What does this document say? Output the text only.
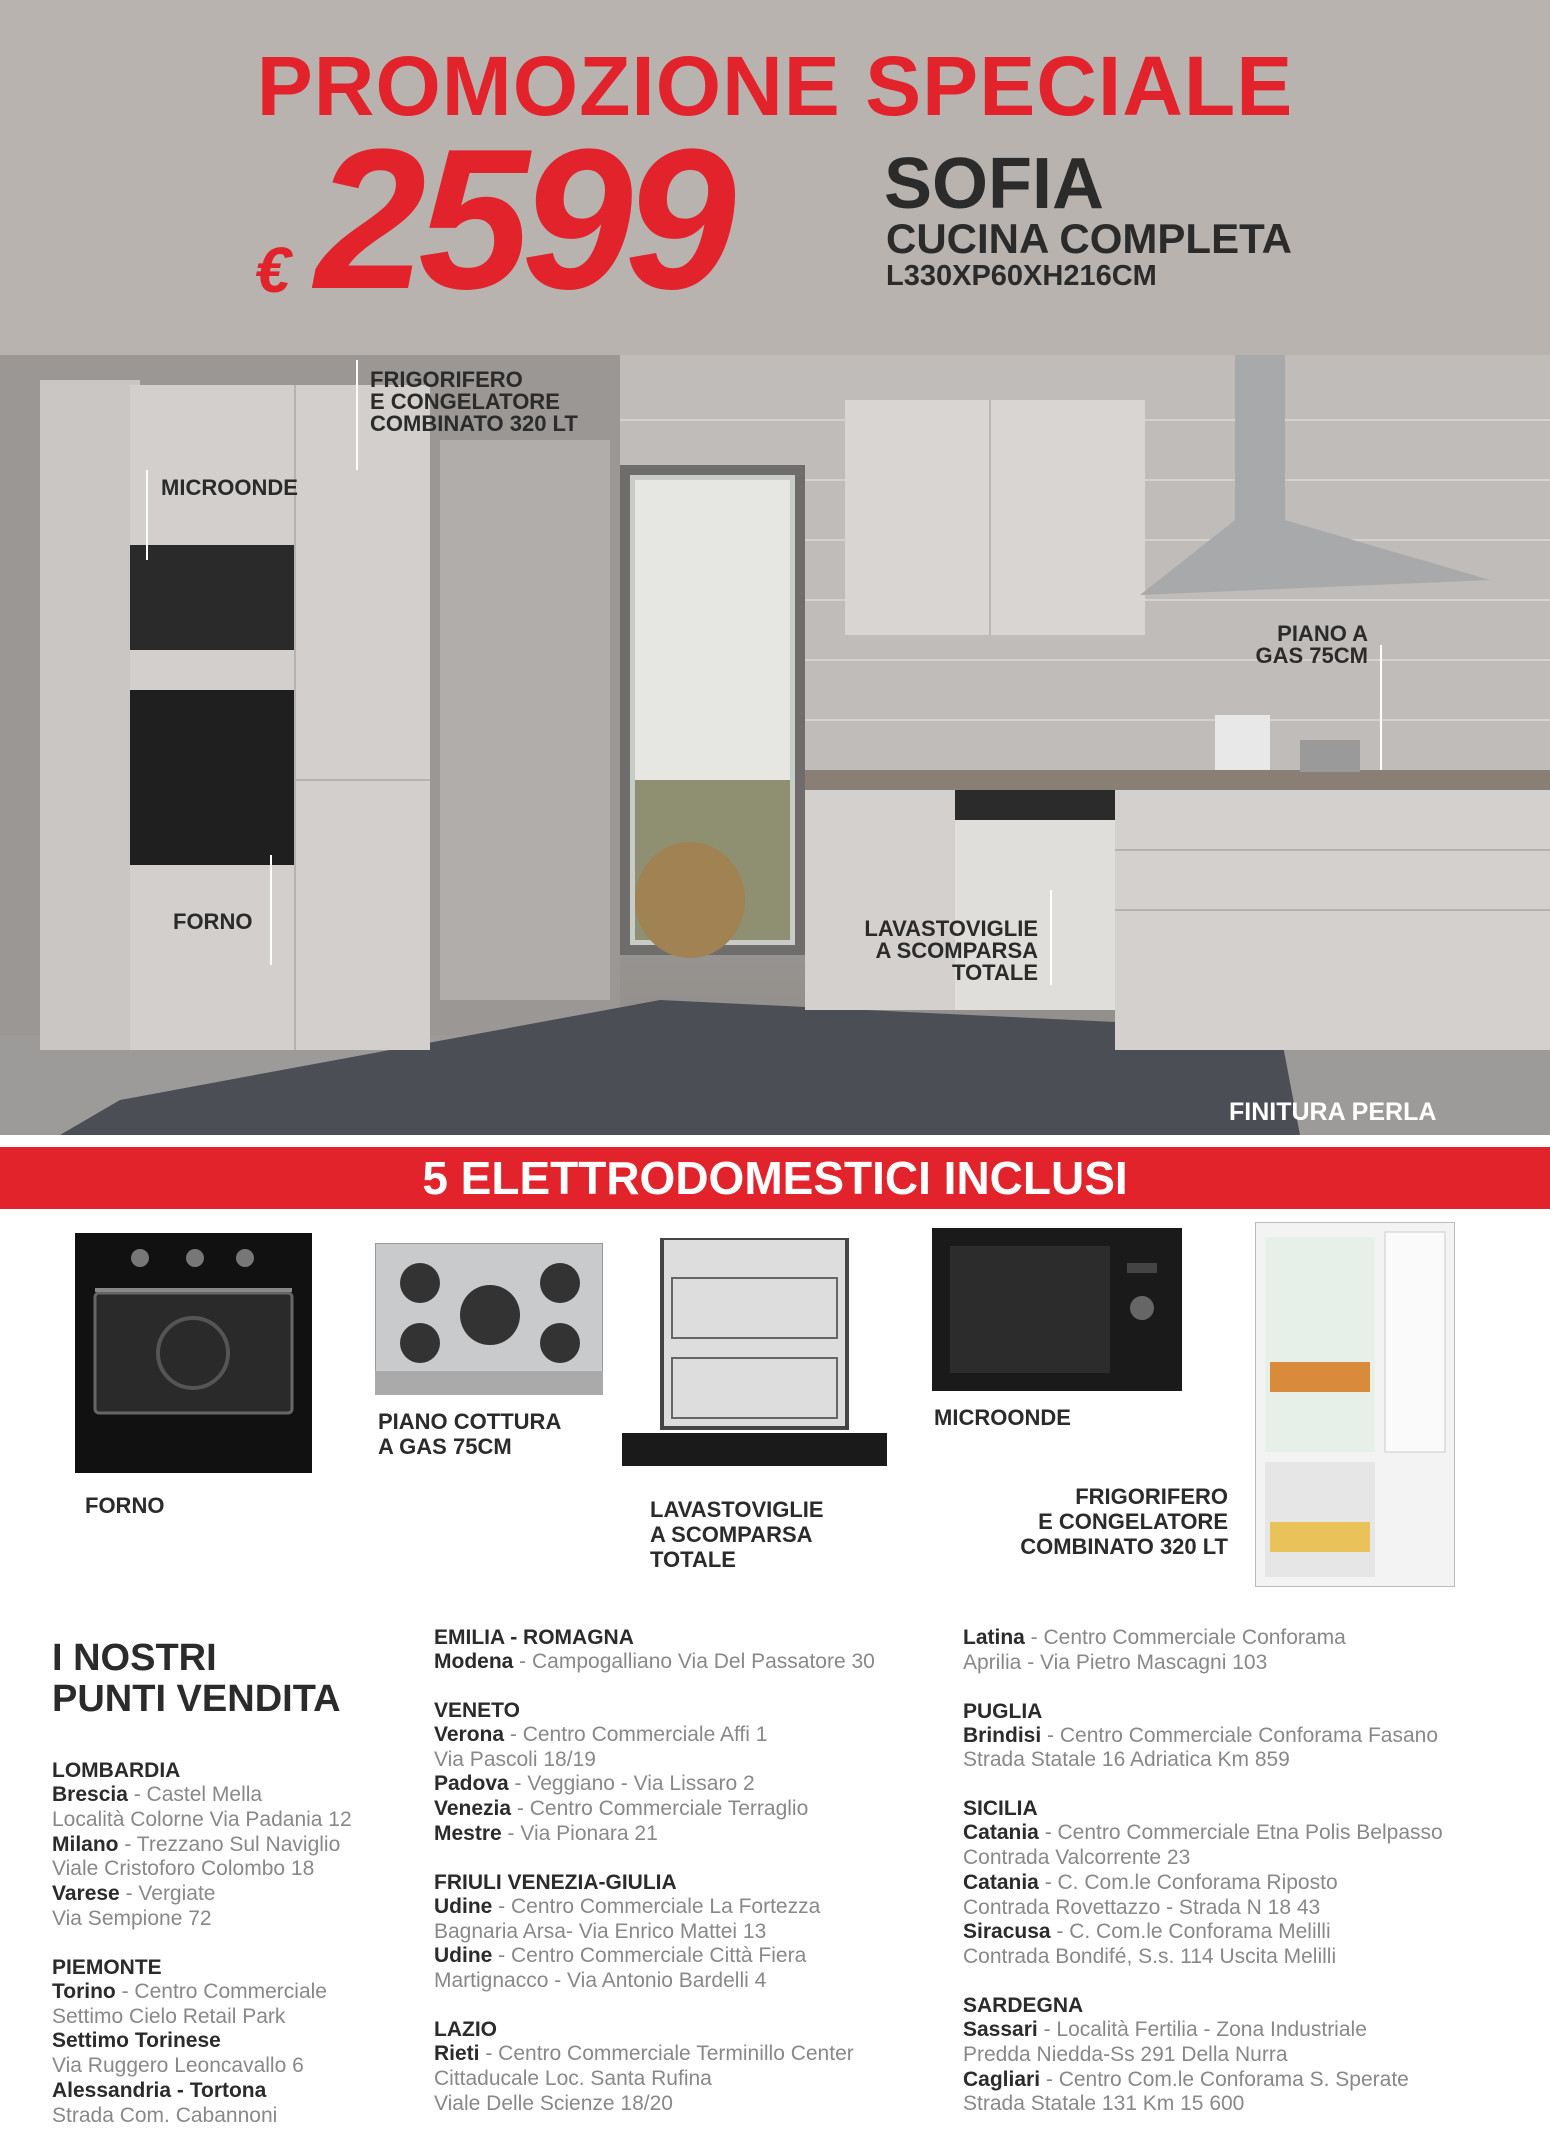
PROMOZIONE SPECIALE
€ 2599 SOFIA
CUCINA COMPLETA
L330XP60XH216CM
FRIGORIFERO
E CONGELATORE
COMBINATO 320 LT
MICROONDE
FORNO
PIANO A
GAS 75CM
LAVASTOVIGLIE
A SCOMPARSA
TOTALE
FINITURA PERLA
5 ELETTRODOMESTICI INCLUSI
FORNO
PIANO COTTURA
A GAS 75CM
LAVASTOVIGLIE
A SCOMPARSA
TOTALE
MICROONDE
FRIGORIFERO
E CONGELATORE
COMBINATO 320 LT
I NOSTRI
PUNTI VENDITA
LOMBARDIA
Brescia - Castel Mella
Località Colorne Via Padania 12
Milano - Trezzano Sul Naviglio
Viale Cristoforo Colombo 18
Varese - Vergiate
Via Sempione 72
PIEMONTE
Torino - Centro Commerciale
Settimo Cielo Retail Park
Settimo Torinese
Via Ruggero Leoncavallo 6
Alessandria - Tortona
Strada Com. Cabannoni
EMILIA - ROMAGNA
Modena - Campogalliano Via Del Passatore 30
VENETO
Verona - Centro Commerciale Affi 1
Via Pascoli 18/19
Padova - Veggiano - Via Lissaro 2
Venezia - Centro Commerciale Terraglio
Mestre - Via Pionara 21
FRIULI VENEZIA-GIULIA
Udine - Centro Commerciale La Fortezza
Bagnaria Arsa- Via Enrico Mattei 13
Udine - Centro Commerciale Città Fiera
Martignacco - Via Antonio Bardelli 4
LAZIO
Rieti - Centro Commerciale Terminillo Center
Cittaducale Loc. Santa Rufina
Viale Delle Scienze 18/20
Latina - Centro Commerciale Conforama
Aprilia - Via Pietro Mascagni 103
PUGLIA
Brindisi - Centro Commerciale Conforama Fasano
Strada Statale 16 Adriatica Km 859
SICILIA
Catania - Centro Commerciale Etna Polis Belpasso
Contrada Valcorrente 23
Catania - C. Com.le Conforama Riposto
Contrada Rovettazzo - Strada N 18 43
Siracusa - C. Com.le Conforama Melilli
Contrada Bondifé, S.s. 114 Uscita Melilli
SARDEGNA
Sassari - Località Fertilia - Zona Industriale
Predda Niedda-Ss 291 Della Nurra
Cagliari - Centro Com.le Conforama S. Sperate
Strada Statale 131 Km 15 600
